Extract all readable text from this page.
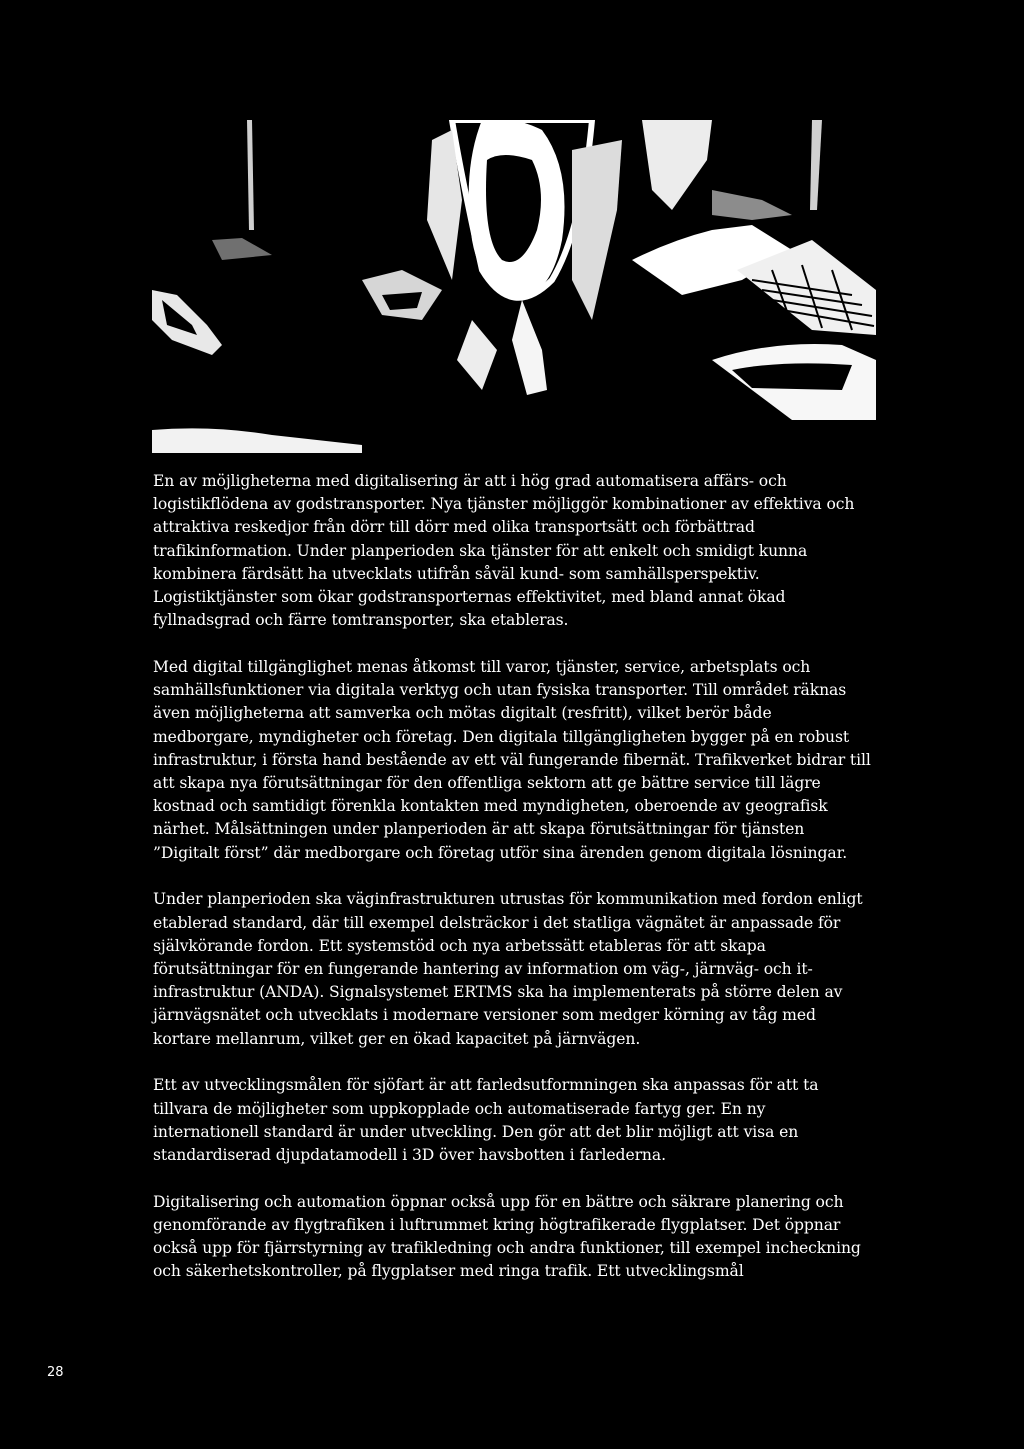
En av möjligheterna med digitalisering är att i hög grad automatisera affärs- och logistikflödena av godstransporter. Nya tjänster möjliggör kombinationer av effektiva och attraktiva reskedjor från dörr till dörr med olika transportsätt och förbättrad trafikinformation. Under planperioden ska tjänster för att enkelt och smidigt kunna kombinera färdsätt ha utvecklats utifrån såväl kund- som samhällsperspektiv. Logistiktjänster som ökar godstransporternas effektivitet, med bland annat ökad fyllnadsgrad och färre tomtransporter, ska etableras.

Med digital tillgänglighet menas åtkomst till varor, tjänster, service, arbetsplats och samhällsfunktioner via digitala verktyg och utan fysiska transporter. Till området räknas även möjligheterna att samverka och mötas digitalt (resfritt), vilket berör både medborgare, myndigheter och företag. Den digitala tillgängligheten bygger på en robust infrastruktur, i första hand bestående av ett väl fungerande fibernät. Trafikverket bidrar till att skapa nya förutsättningar för den offentliga sektorn att ge bättre service till lägre kostnad och samtidigt förenkla kontakten med myndigheten, oberoende av geografisk närhet. Målsättningen under planperioden är att skapa förutsättningar för tjänsten ”Digitalt först” där medborgare och företag utför sina ärenden genom digitala lösningar.

Under planperioden ska väginfrastrukturen utrustas för kommunikation med fordon enligt etablerad standard, där till exempel delsträckor i det statliga vägnätet är anpassade för självkörande fordon. Ett systemstöd och nya arbetssätt etableras för att skapa förutsättningar för en fungerande hantering av information om väg-, järnväg- och it-infrastruktur (ANDA). Signalsystemet ERTMS ska ha implementerats på större delen av järnvägsnätet och utvecklats i modernare versioner som medger körning av tåg med kortare mellanrum, vilket ger en ökad kapacitet på järnvägen.

Ett av utvecklingsmålen för sjöfart är att farledsutformningen ska anpassas för att ta tillvara de möjligheter som uppkopplade och automatiserade fartyg ger. En ny internationell standard är under utveckling. Den gör att det blir möjligt att visa en standardiserad djupdatamodell i 3D över havsbotten i farlederna.

Digitalisering och automation öppnar också upp för en bättre och säkrare planering och genomförande av flygtrafiken i luftrummet kring högtrafikerade flygplatser. Det öppnar också upp för fjärrstyrning av trafikledning och andra funktioner, till exempel incheckning och säkerhetskontroller, på flygplatser med ringa trafik. Ett utvecklingsmål

28
